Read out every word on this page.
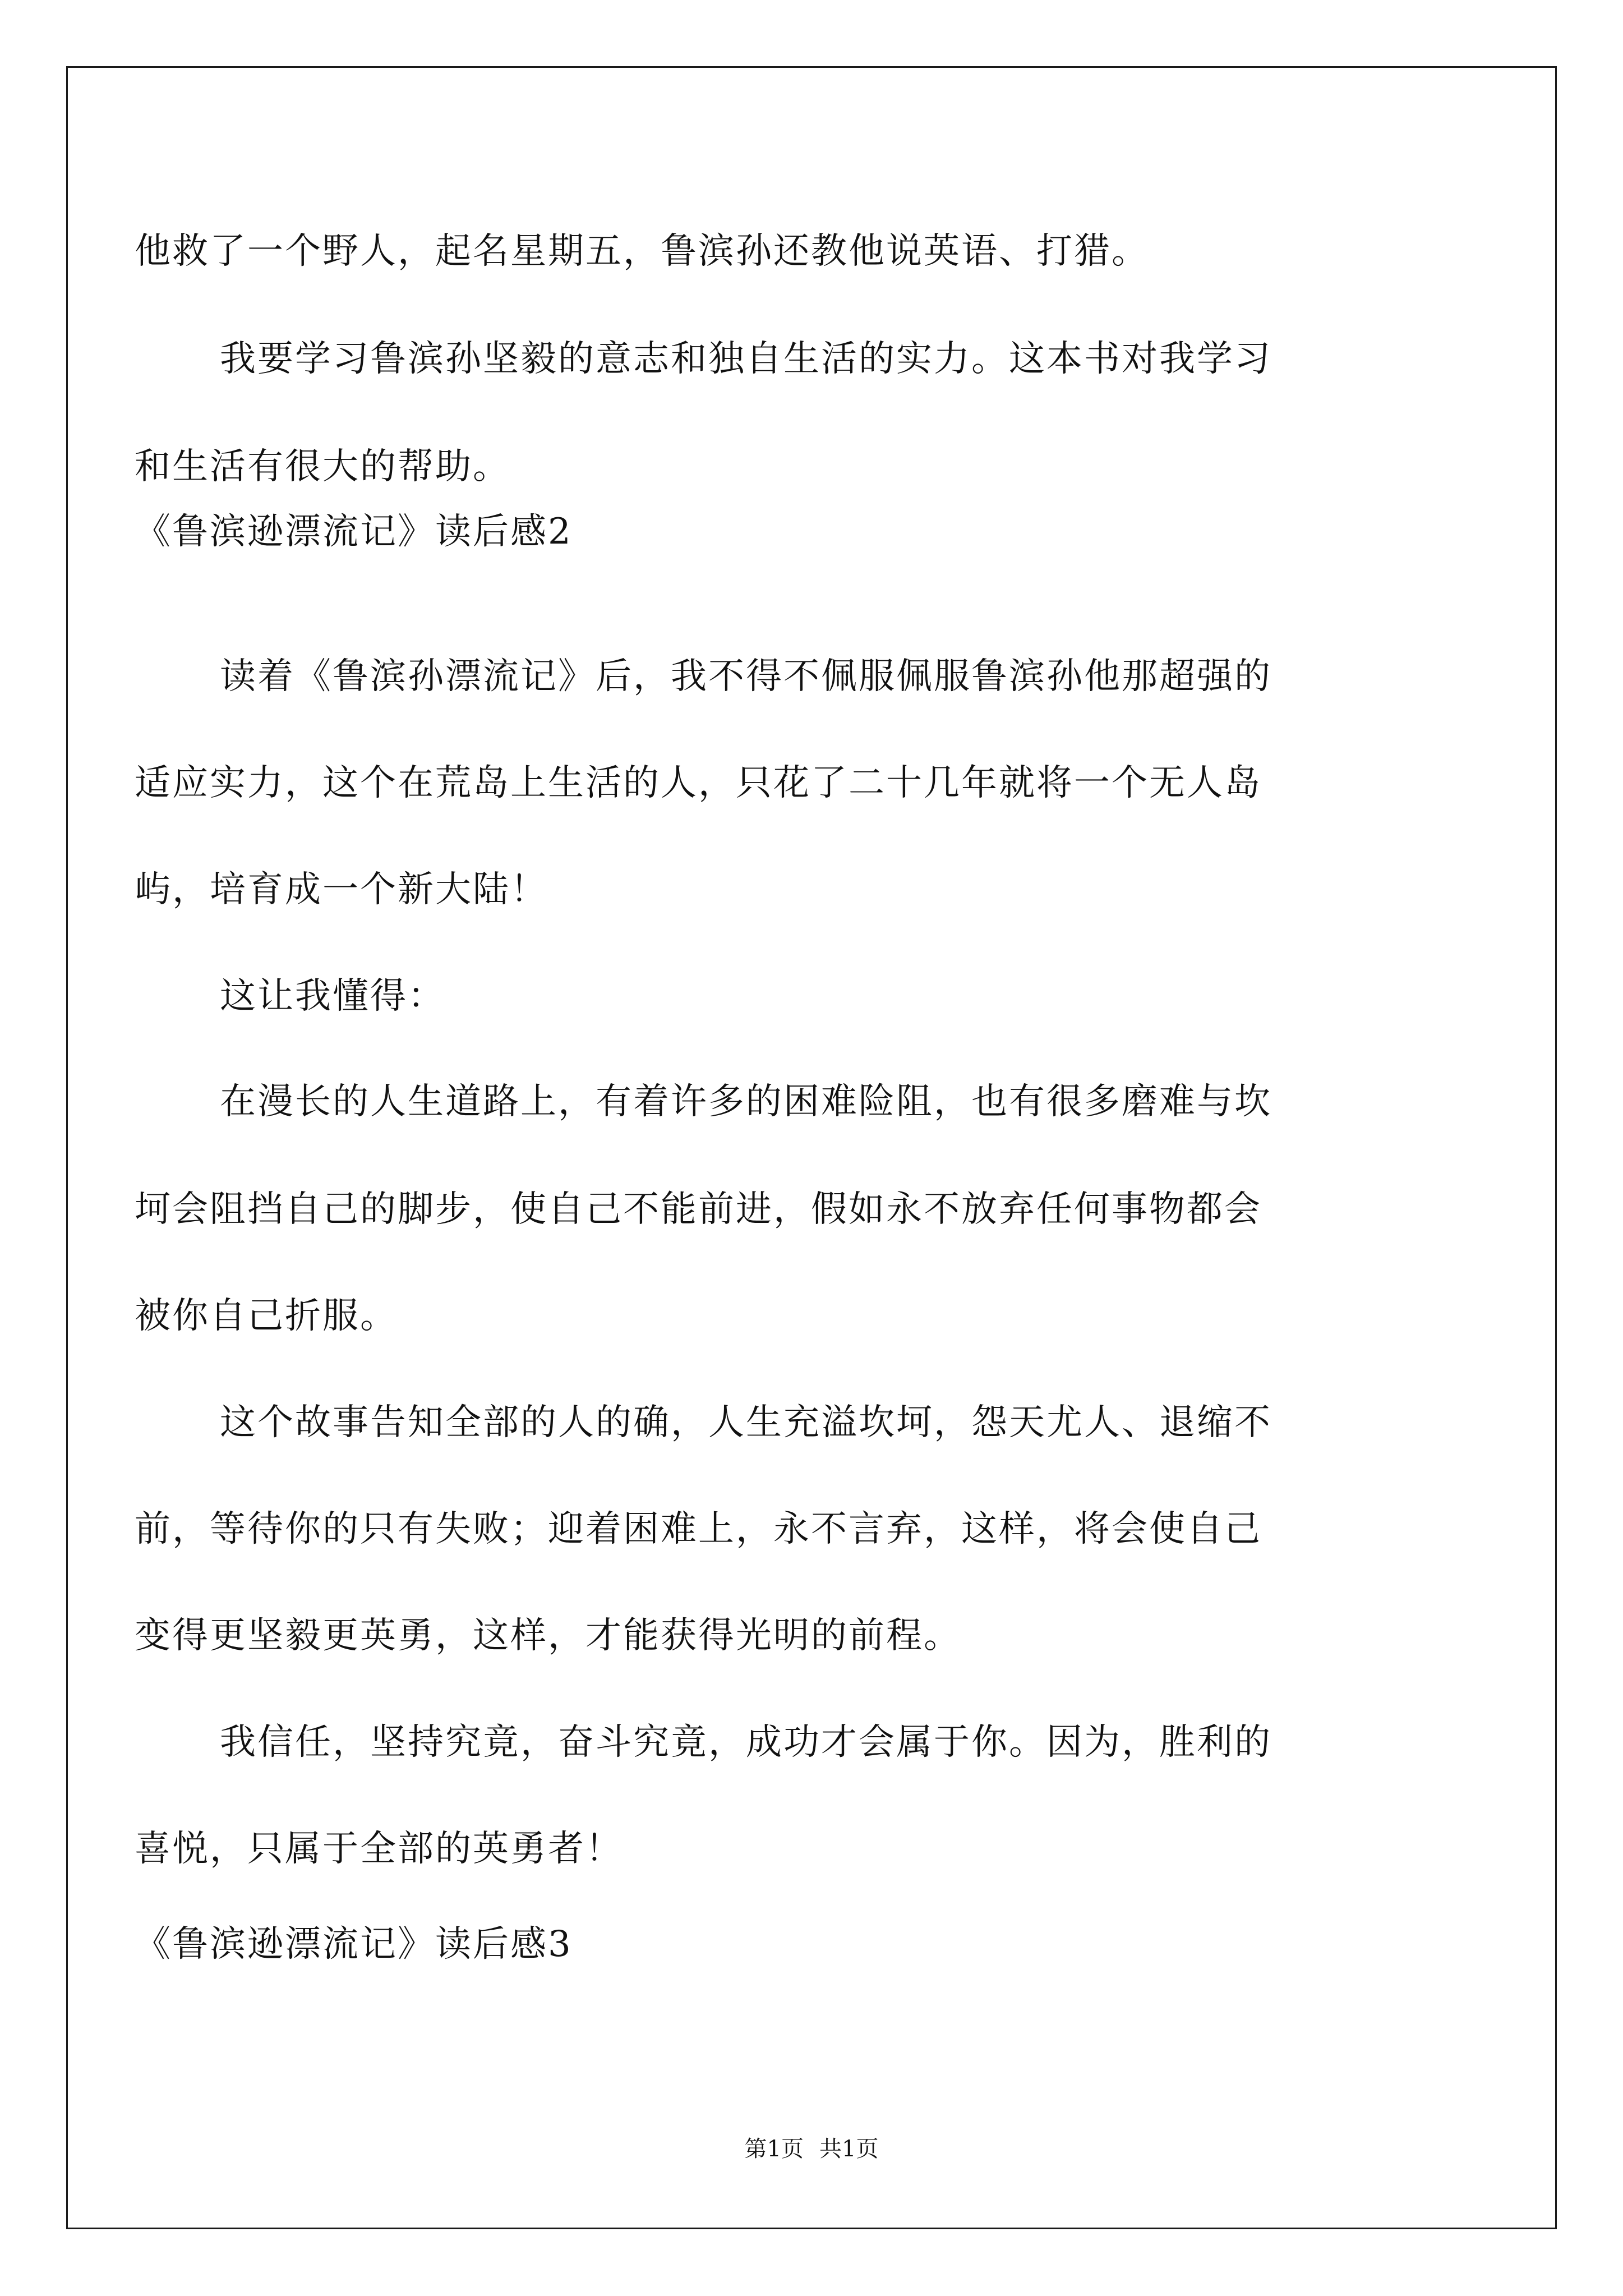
他救了一个野人，起名星期五，鲁滨孙还教他说英语、打猎。
我要学习鲁滨孙坚毅的意志和独自生活的实力。这本书对我学习
和生活有很大的帮助。
《鲁滨逊漂流记》读后感2
读着《鲁滨孙漂流记》后，我不得不佩服佩服鲁滨孙他那超强的
适应实力，这个在荒岛上生活的人，只花了二十几年就将一个无人岛
屿，培育成一个新大陆！
这让我懂得：
在漫长的人生道路上，有着许多的困难险阻，也有很多磨难与坎
坷会阻挡自己的脚步，使自己不能前进，假如永不放弃任何事物都会
被你自己折服。
这个故事告知全部的人的确，人生充溢坎坷，怨天尤人、退缩不
前，等待你的只有失败；迎着困难上，永不言弃，这样，将会使自己
变得更坚毅更英勇，这样，才能获得光明的前程。
我信任，坚持究竟，奋斗究竟，成功才会属于你。因为，胜利的
喜悦，只属于全部的英勇者！
《鲁滨逊漂流记》读后感3
第1页 共1页
